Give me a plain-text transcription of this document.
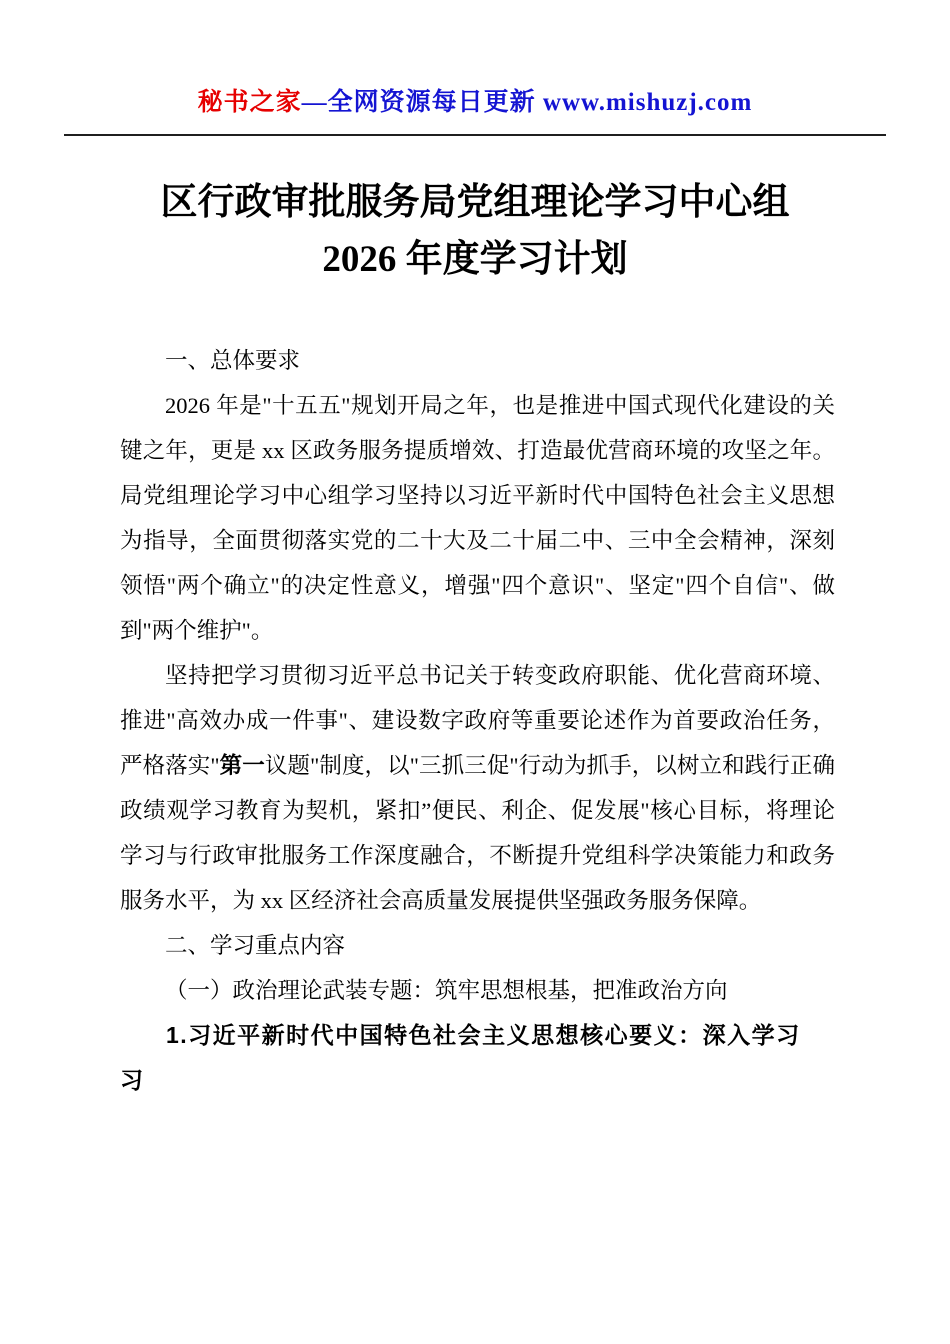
秘书之家—全网资源每日更新 www.mishuzj.com
区行政审批服务局党组理论学习中心组
2026 年度学习计划

一、总体要求

2026 年是"十五五"规划开局之年，也是推进中国式现代化建设的关键之年，更是 xx 区政务服务提质增效、打造最优营商环境的攻坚之年。局党组理论学习中心组学习坚持以习近平新时代中国特色社会主义思想为指导，全面贯彻落实党的二十大及二十届二中、三中全会精神，深刻领悟"两个确立"的决定性意义，增强"四个意识"、坚定"四个自信"、做到"两个维护"。

坚持把学习贯彻习近平总书记关于转变政府职能、优化营商环境、推进"高效办成一件事"、建设数字政府等重要论述作为首要政治任务，严格落实"第一议题"制度，以"三抓三促"行动为抓手，以树立和践行正确政绩观学习教育为契机，紧扣”便民、利企、促发展"核心目标，将理论学习与行政审批服务工作深度融合，不断提升党组科学决策能力和政务服务水平，为 xx 区经济社会高质量发展提供坚强政务服务保障。

二、学习重点内容

（一）政治理论武装专题：筑牢思想根基，把准政治方向

1.习近平新时代中国特色社会主义思想核心要义：深入学习
习
